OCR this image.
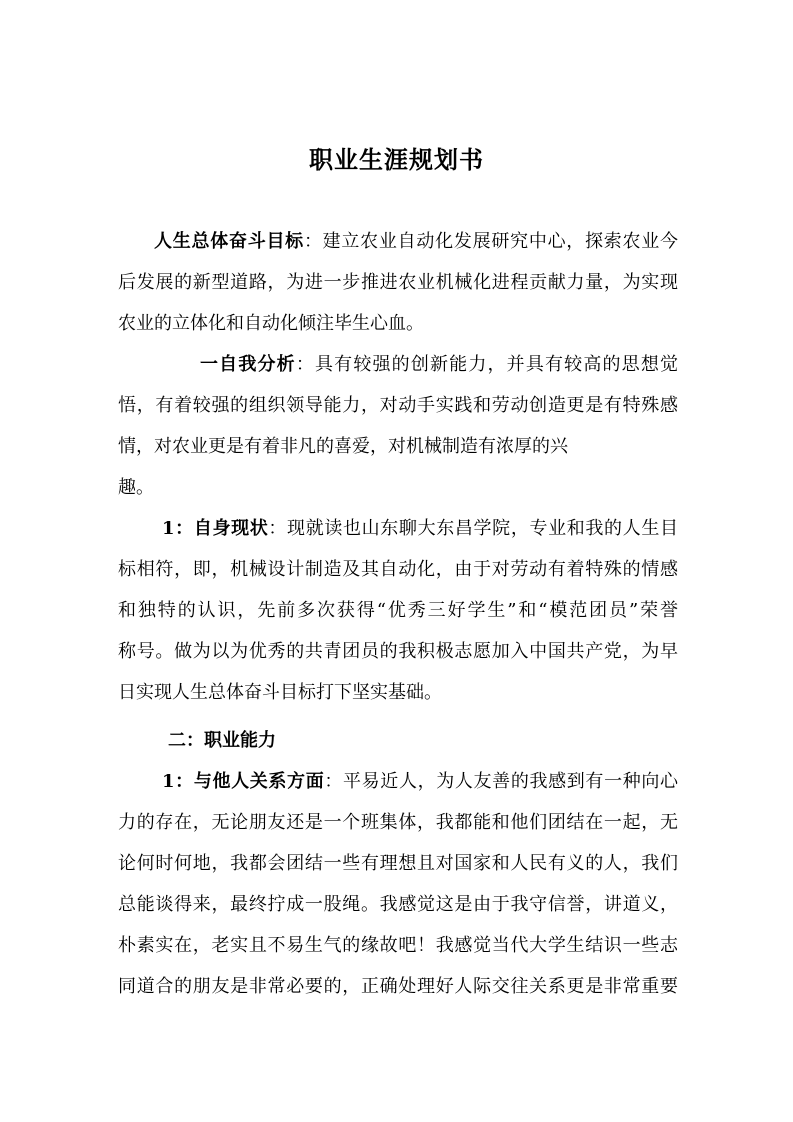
职业生涯规划书
人生总体奋斗目标：建立农业自动化发展研究中心，探索农业今
后发展的新型道路，为进一步推进农业机械化进程贡献力量，为实现
农业的立体化和自动化倾注毕生心血。
一自我分析：具有较强的创新能力，并具有较高的思想觉
悟，有着较强的组织领导能力，对动手实践和劳动创造更是有特殊感
情，对农业更是有着非凡的喜爱，对机械制造有浓厚的兴
趣。
1：自身现状：现就读也山东聊大东昌学院，专业和我的人生目
标相符，即，机械设计制造及其自动化，由于对劳动有着特殊的情感
和独特的认识，先前多次获得“优秀三好学生”和“模范团员”荣誉
称号。做为以为优秀的共青团员的我积极志愿加入中国共产党，为早
日实现人生总体奋斗目标打下坚实基础。
二：职业能力
1：与他人关系方面：平易近人，为人友善的我感到有一种向心
力的存在，无论朋友还是一个班集体，我都能和他们团结在一起，无
论何时何地，我都会团结一些有理想且对国家和人民有义的人，我们
总能谈得来，最终拧成一股绳。我感觉这是由于我守信誉，讲道义，
朴素实在，老实且不易生气的缘故吧！我感觉当代大学生结识一些志
同道合的朋友是非常必要的，正确处理好人际交往关系更是非常重要
